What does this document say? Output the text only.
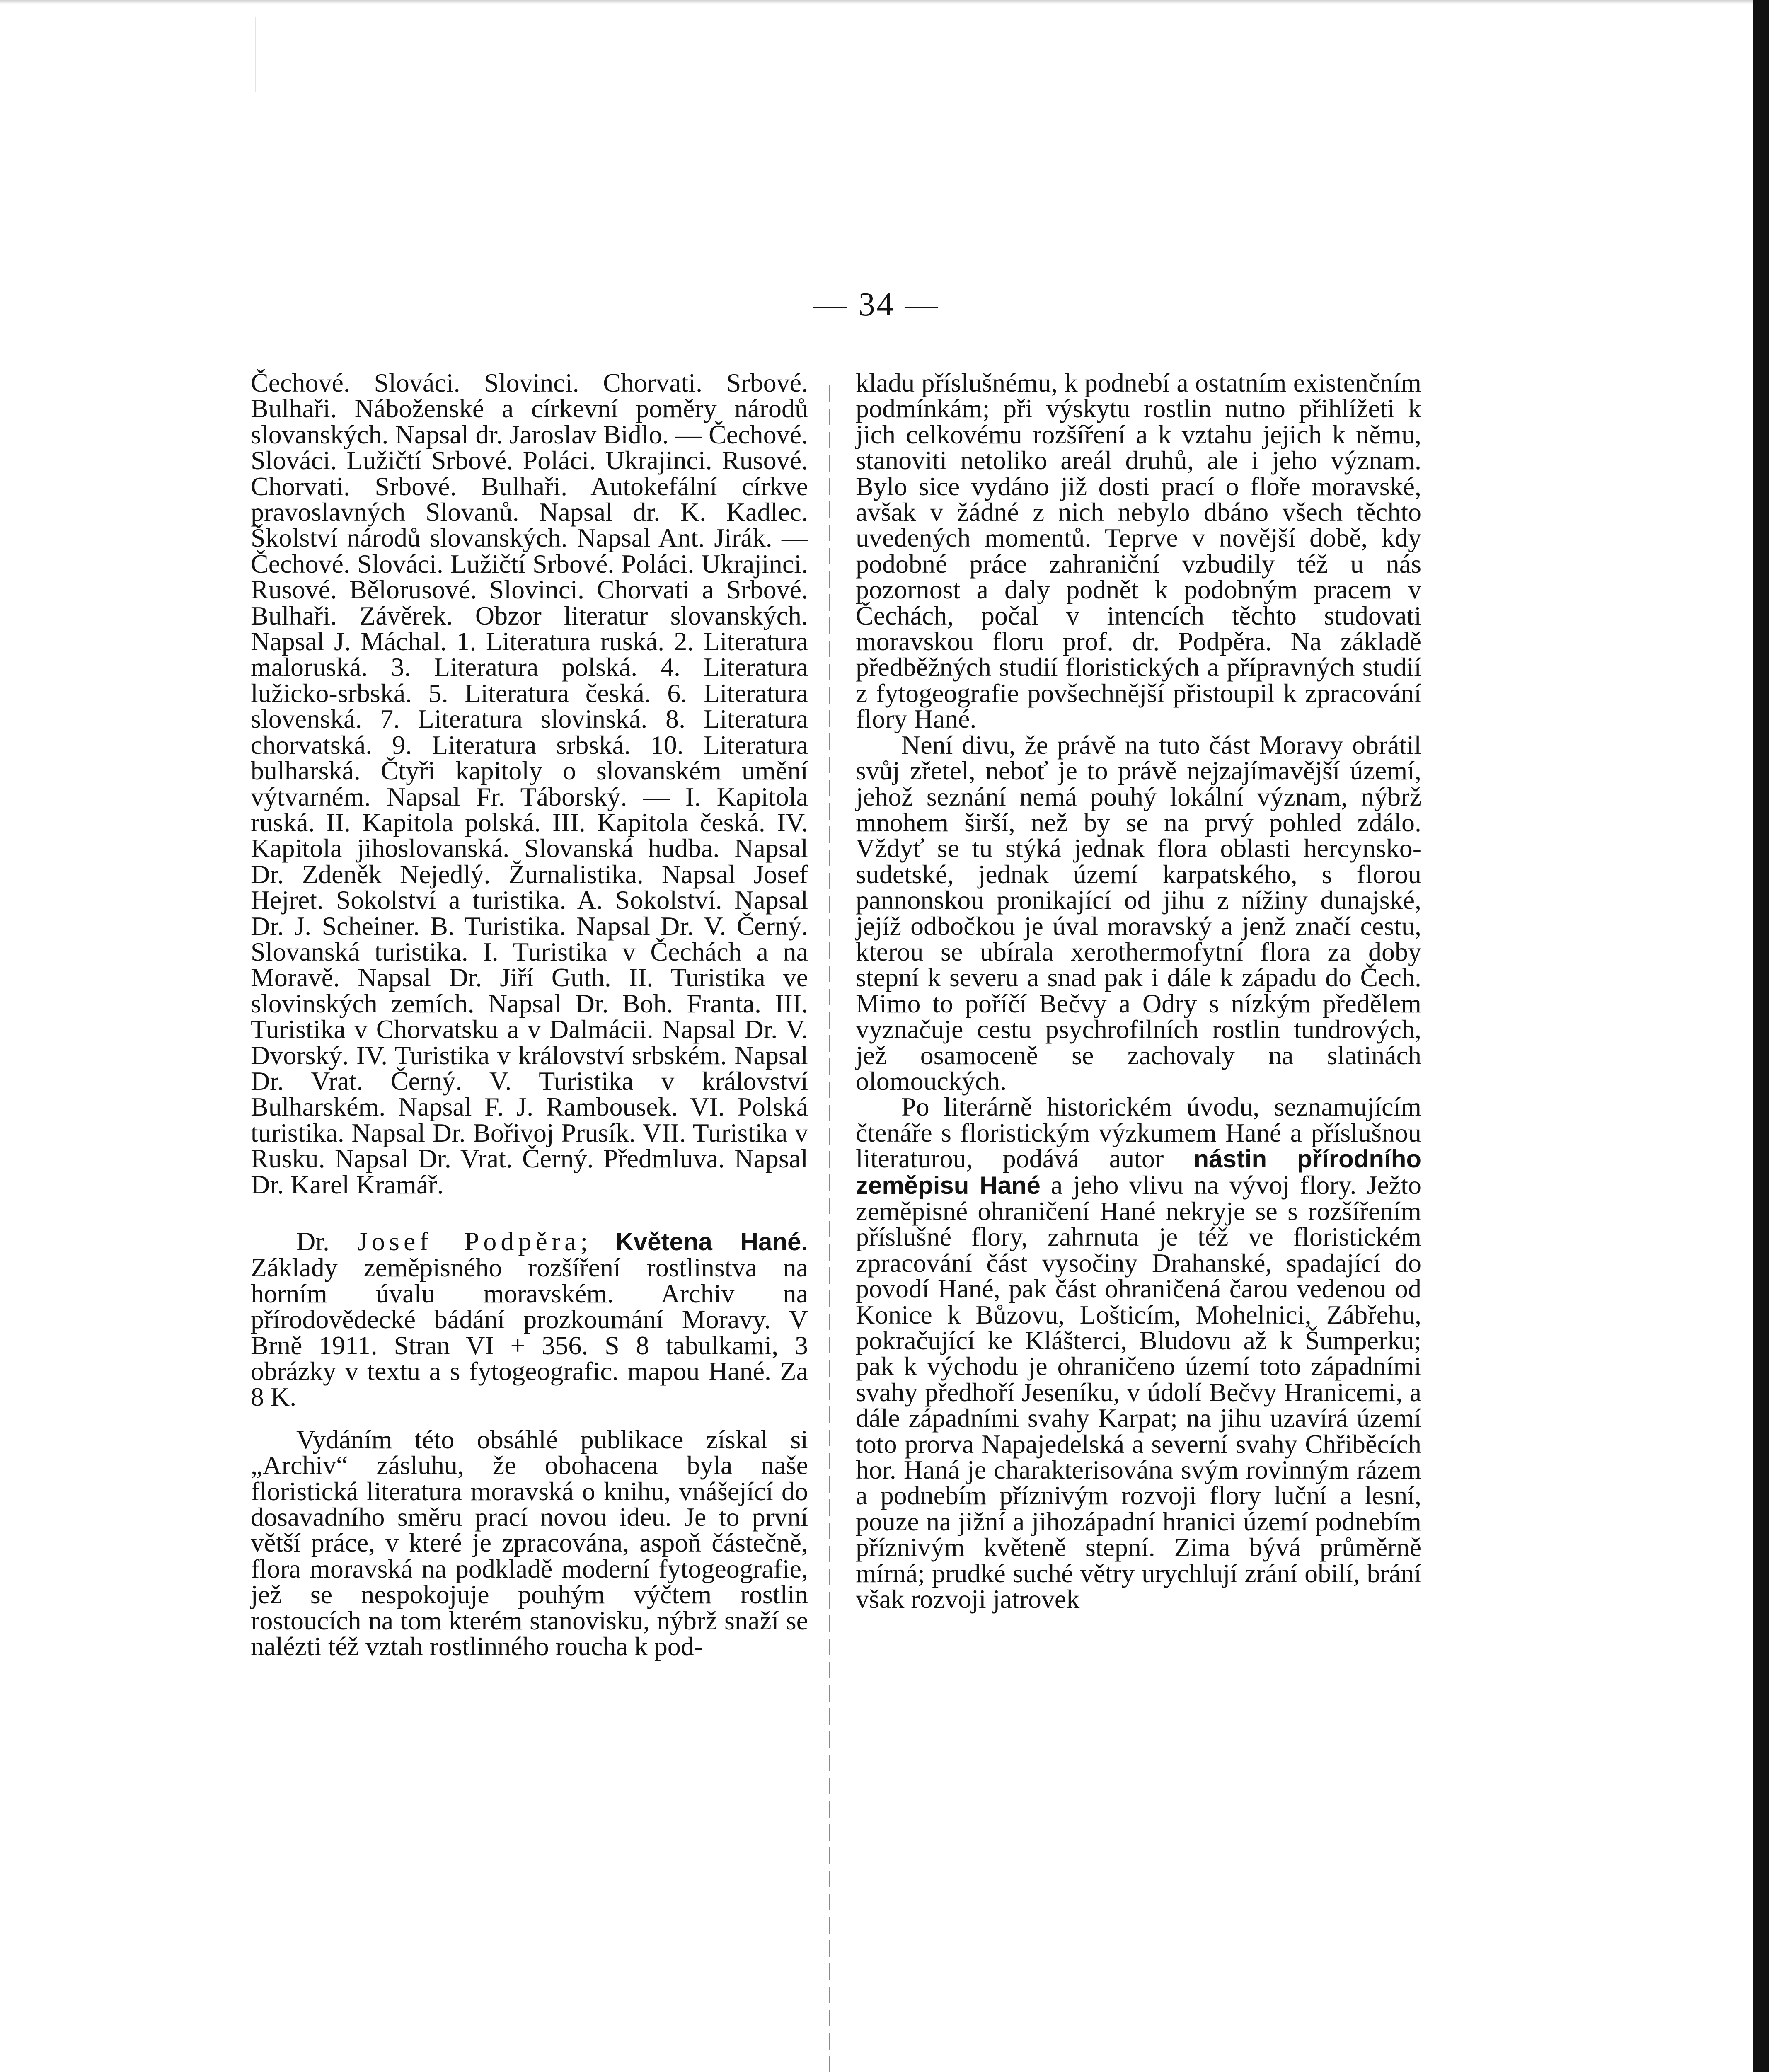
— 34 —

Čechové. Slováci. Slovinci. Chorvati. Srbové. Bulhaři. Náboženské a církevní poměry národů slovanských. Napsal dr. Jaroslav Bidlo. — Čechové. Slováci. Lužičtí Srbové. Poláci. Ukrajinci. Rusové. Chorvati. Srbové. Bulhaři. Autokefální církve pravoslavných Slovanů. Napsal dr. K. Kadlec. Školství národů slovanských. Napsal Ant. Jirák. — Čechové. Slováci. Lužičtí Srbové. Poláci. Ukrajinci. Rusové. Bělorusové. Slovinci. Chorvati a Srbové. Bulhaři. Závěrek. Obzor literatur slovanských. Napsal J. Máchal. 1. Literatura ruská. 2. Literatura maloruská. 3. Literatura polská. 4. Literatura lužicko-srbská. 5. Literatura česká. 6. Literatura slovenská. 7. Literatura slovinská. 8. Literatura chorvatská. 9. Literatura srbská. 10. Literatura bulharská. Čtyři kapitoly o slovanském umění výtvarném. Napsal Fr. Táborský. — I. Kapitola ruská. II. Kapitola polská. III. Kapitola česká. IV. Kapitola jihoslovanská. Slovanská hudba. Napsal Dr. Zdeněk Nejedlý. Žurnalistika. Napsal Josef Hejret. Sokolství a turistika. A. Sokolství. Napsal Dr. J. Scheiner. B. Turistika. Napsal Dr. V. Černý. Slovanská turistika. I. Turistika v Čechách a na Moravě. Napsal Dr. Jiří Guth. II. Turistika ve slovinských zemích. Napsal Dr. Boh. Franta. III. Turistika v Chorvatsku a v Dalmácii. Napsal Dr. V. Dvorský. IV. Turistika v království srbském. Napsal Dr. Vrat. Černý. V. Turistika v království Bulharském. Napsal F. J. Rambousek. VI. Polská turistika. Napsal Dr. Bořivoj Prusík. VII. Turistika v Rusku. Napsal Dr. Vrat. Černý. Předmluva. Napsal Dr. Karel Kramář.

Dr. Josef Podpěra; Květena Hané. Základy zeměpisného rozšíření rostlinstva na horním úvalu moravském. Archiv na přírodovědecké bádání prozkoumání Moravy. V Brně 1911. Stran VI + 356. S 8 tabulkami, 3 obrázky v textu a s fytogeografic. mapou Hané. Za 8 K.

Vydáním této obsáhlé publikace získal si „Archiv“ zásluhu, že obohacena byla naše floristická literatura moravská o knihu, vnášející do dosavadního směru prací novou ideu. Je to první větší práce, v které je zpracována, aspoň částečně, flora moravská na podkladě moderní fytogeografie, jež se nespokojuje pouhým výčtem rostlin rostoucích na tom kterém stanovisku, nýbrž snaží se nalézti též vztah rostlinného roucha k pod-

kladu příslušnému, k podnebí a ostatním existenčním podmínkám; při výskytu rostlin nutno přihlížeti k jich celkovému rozšíření a k vztahu jejich k němu, stanoviti netoliko areál druhů, ale i jeho význam. Bylo sice vydáno již dosti prací o floře moravské, avšak v žádné z nich nebylo dbáno všech těchto uvedených momentů. Teprve v novější době, kdy podobné práce zahraniční vzbudily též u nás pozornost a daly podnět k podobným pracem v Čechách, počal v intencích těchto studovati moravskou floru prof. dr. Podpěra. Na základě předběžných studií floristických a přípravných studií z fytogeografie povšechnější přistoupil k zpracování flory Hané.

Není divu, že právě na tuto část Moravy obrátil svůj zřetel, neboť je to právě nejzajímavější území, jehož seznání nemá pouhý lokální význam, nýbrž mnohem širší, než by se na prvý pohled zdálo. Vždyť se tu stýká jednak flora oblasti hercynsko-sudetské, jednak území karpatského, s florou pannonskou pronikající od jihu z nížiny dunajské, jejíž odbočkou je úval moravský a jenž značí cestu, kterou se ubírala xerothermofytní flora za doby stepní k severu a snad pak i dále k západu do Čech. Mimo to poříčí Bečvy a Odry s nízkým předělem vyznačuje cestu psychrofilních rostlin tundrových, jež osamoceně se zachovaly na slatinách olomouckých.

Po literárně historickém úvodu, seznamujícím čtenáře s floristickým výzkumem Hané a příslušnou literaturou, podává autor nástin přírodního zeměpisu Hané a jeho vlivu na vývoj flory. Ježto zeměpisné ohraničení Hané nekryje se s rozšířením příslušné flory, zahrnuta je též ve floristickém zpracování část vysočiny Drahanské, spadající do povodí Hané, pak část ohraničená čarou vedenou od Konice k Bůzovu, Lošticím, Mohelnici, Zábřehu, pokračující ke Klášterci, Bludovu až k Šumperku; pak k východu je ohraničeno území toto západními svahy předhoří Jeseníku, v údolí Bečvy Hranicemi, a dále západními svahy Karpat; na jihu uzavírá území toto prorva Napajedelská a severní svahy Chřiběcích hor. Haná je charakterisována svým rovinným rázem a podnebím příznivým rozvoji flory luční a lesní, pouze na jižní a jihozápadní hranici území podnebím příznivým květeně stepní. Zima bývá průměrně mírná; prudké suché větry urychlují zrání obilí, brání však rozvoji jatrovek
